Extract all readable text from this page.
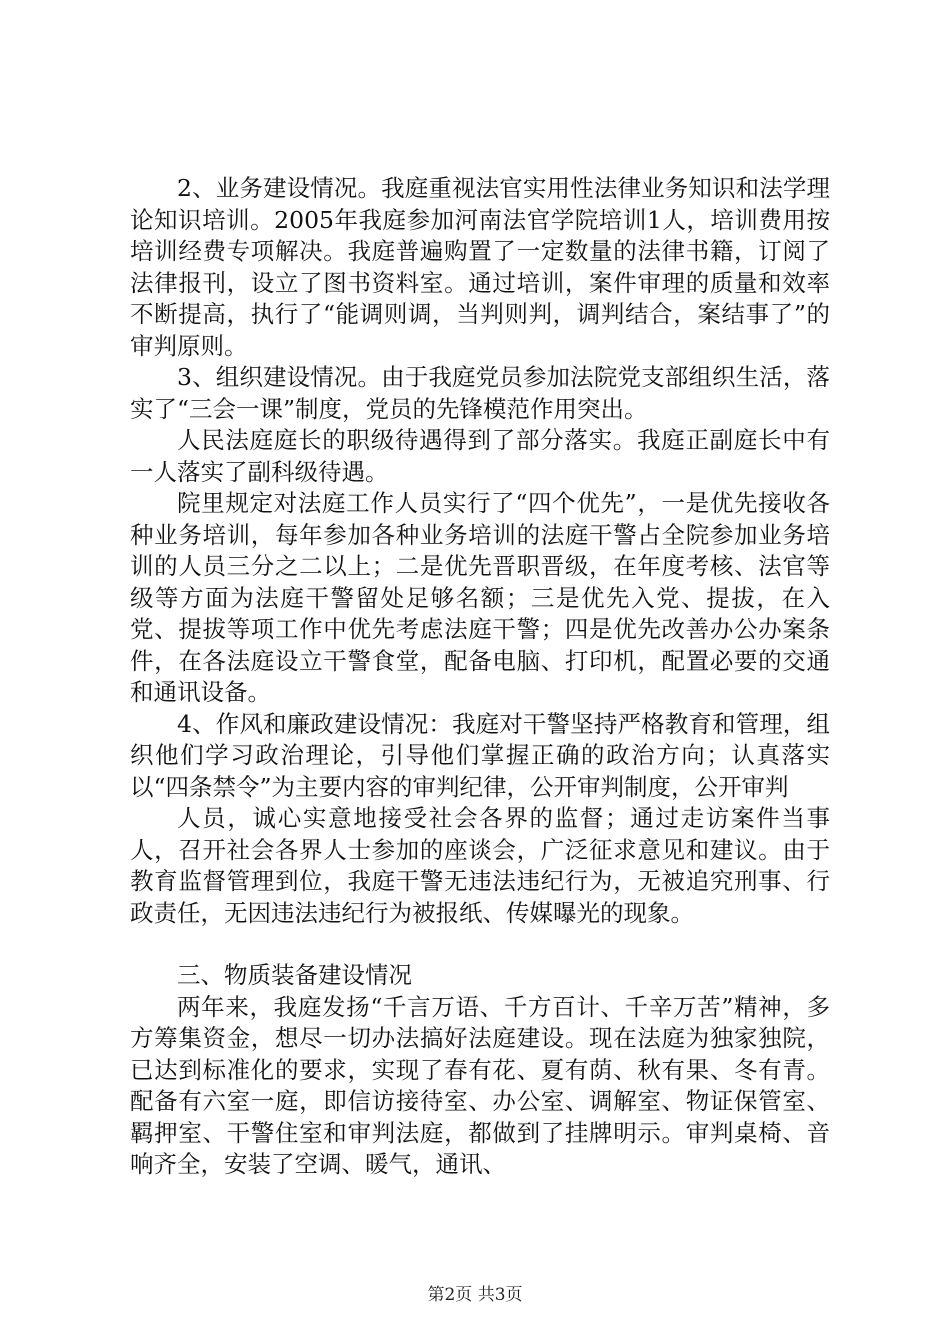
2、业务建设情况。我庭重视法官实用性法律业务知识和法学理论知识培训。2005年我庭参加河南法官学院培训1人，培训费用按培训经费专项解决。我庭普遍购置了一定数量的法律书籍，订阅了法律报刊，设立了图书资料室。通过培训，案件审理的质量和效率不断提高，执行了“能调则调，当判则判，调判结合，案结事了”的审判原则。

3、组织建设情况。由于我庭党员参加法院党支部组织生活，落实了“三会一课”制度，党员的先锋模范作用突出。

人民法庭庭长的职级待遇得到了部分落实。我庭正副庭长中有一人落实了副科级待遇。

院里规定对法庭工作人员实行了“四个优先”，一是优先接收各种业务培训，每年参加各种业务培训的法庭干警占全院参加业务培训的人员三分之二以上；二是优先晋职晋级，在年度考核、法官等级等方面为法庭干警留处足够名额；三是优先入党、提拔，在入党、提拔等项工作中优先考虑法庭干警；四是优先改善办公办案条件，在各法庭设立干警食堂，配备电脑、打印机，配置必要的交通和通讯设备。

4、作风和廉政建设情况：我庭对干警坚持严格教育和管理，组织他们学习政治理论，引导他们掌握正确的政治方向；认真落实以“四条禁令”为主要内容的审判纪律，公开审判制度，公开审判

人员，诚心实意地接受社会各界的监督；通过走访案件当事人，召开社会各界人士参加的座谈会，广泛征求意见和建议。由于教育监督管理到位，我庭干警无违法违纪行为，无被追究刑事、行政责任，无因违法违纪行为被报纸、传媒曝光的现象。

三、物质装备建设情况

两年来，我庭发扬“千言万语、千方百计、千辛万苦”精神，多方筹集资金，想尽一切办法搞好法庭建设。现在法庭为独家独院，已达到标准化的要求，实现了春有花、夏有荫、秋有果、冬有青。配备有六室一庭，即信访接待室、办公室、调解室、物证保管室、羁押室、干警住室和审判法庭，都做到了挂牌明示。审判桌椅、音响齐全，安装了空调、暖气，通讯、

第2页 共3页
